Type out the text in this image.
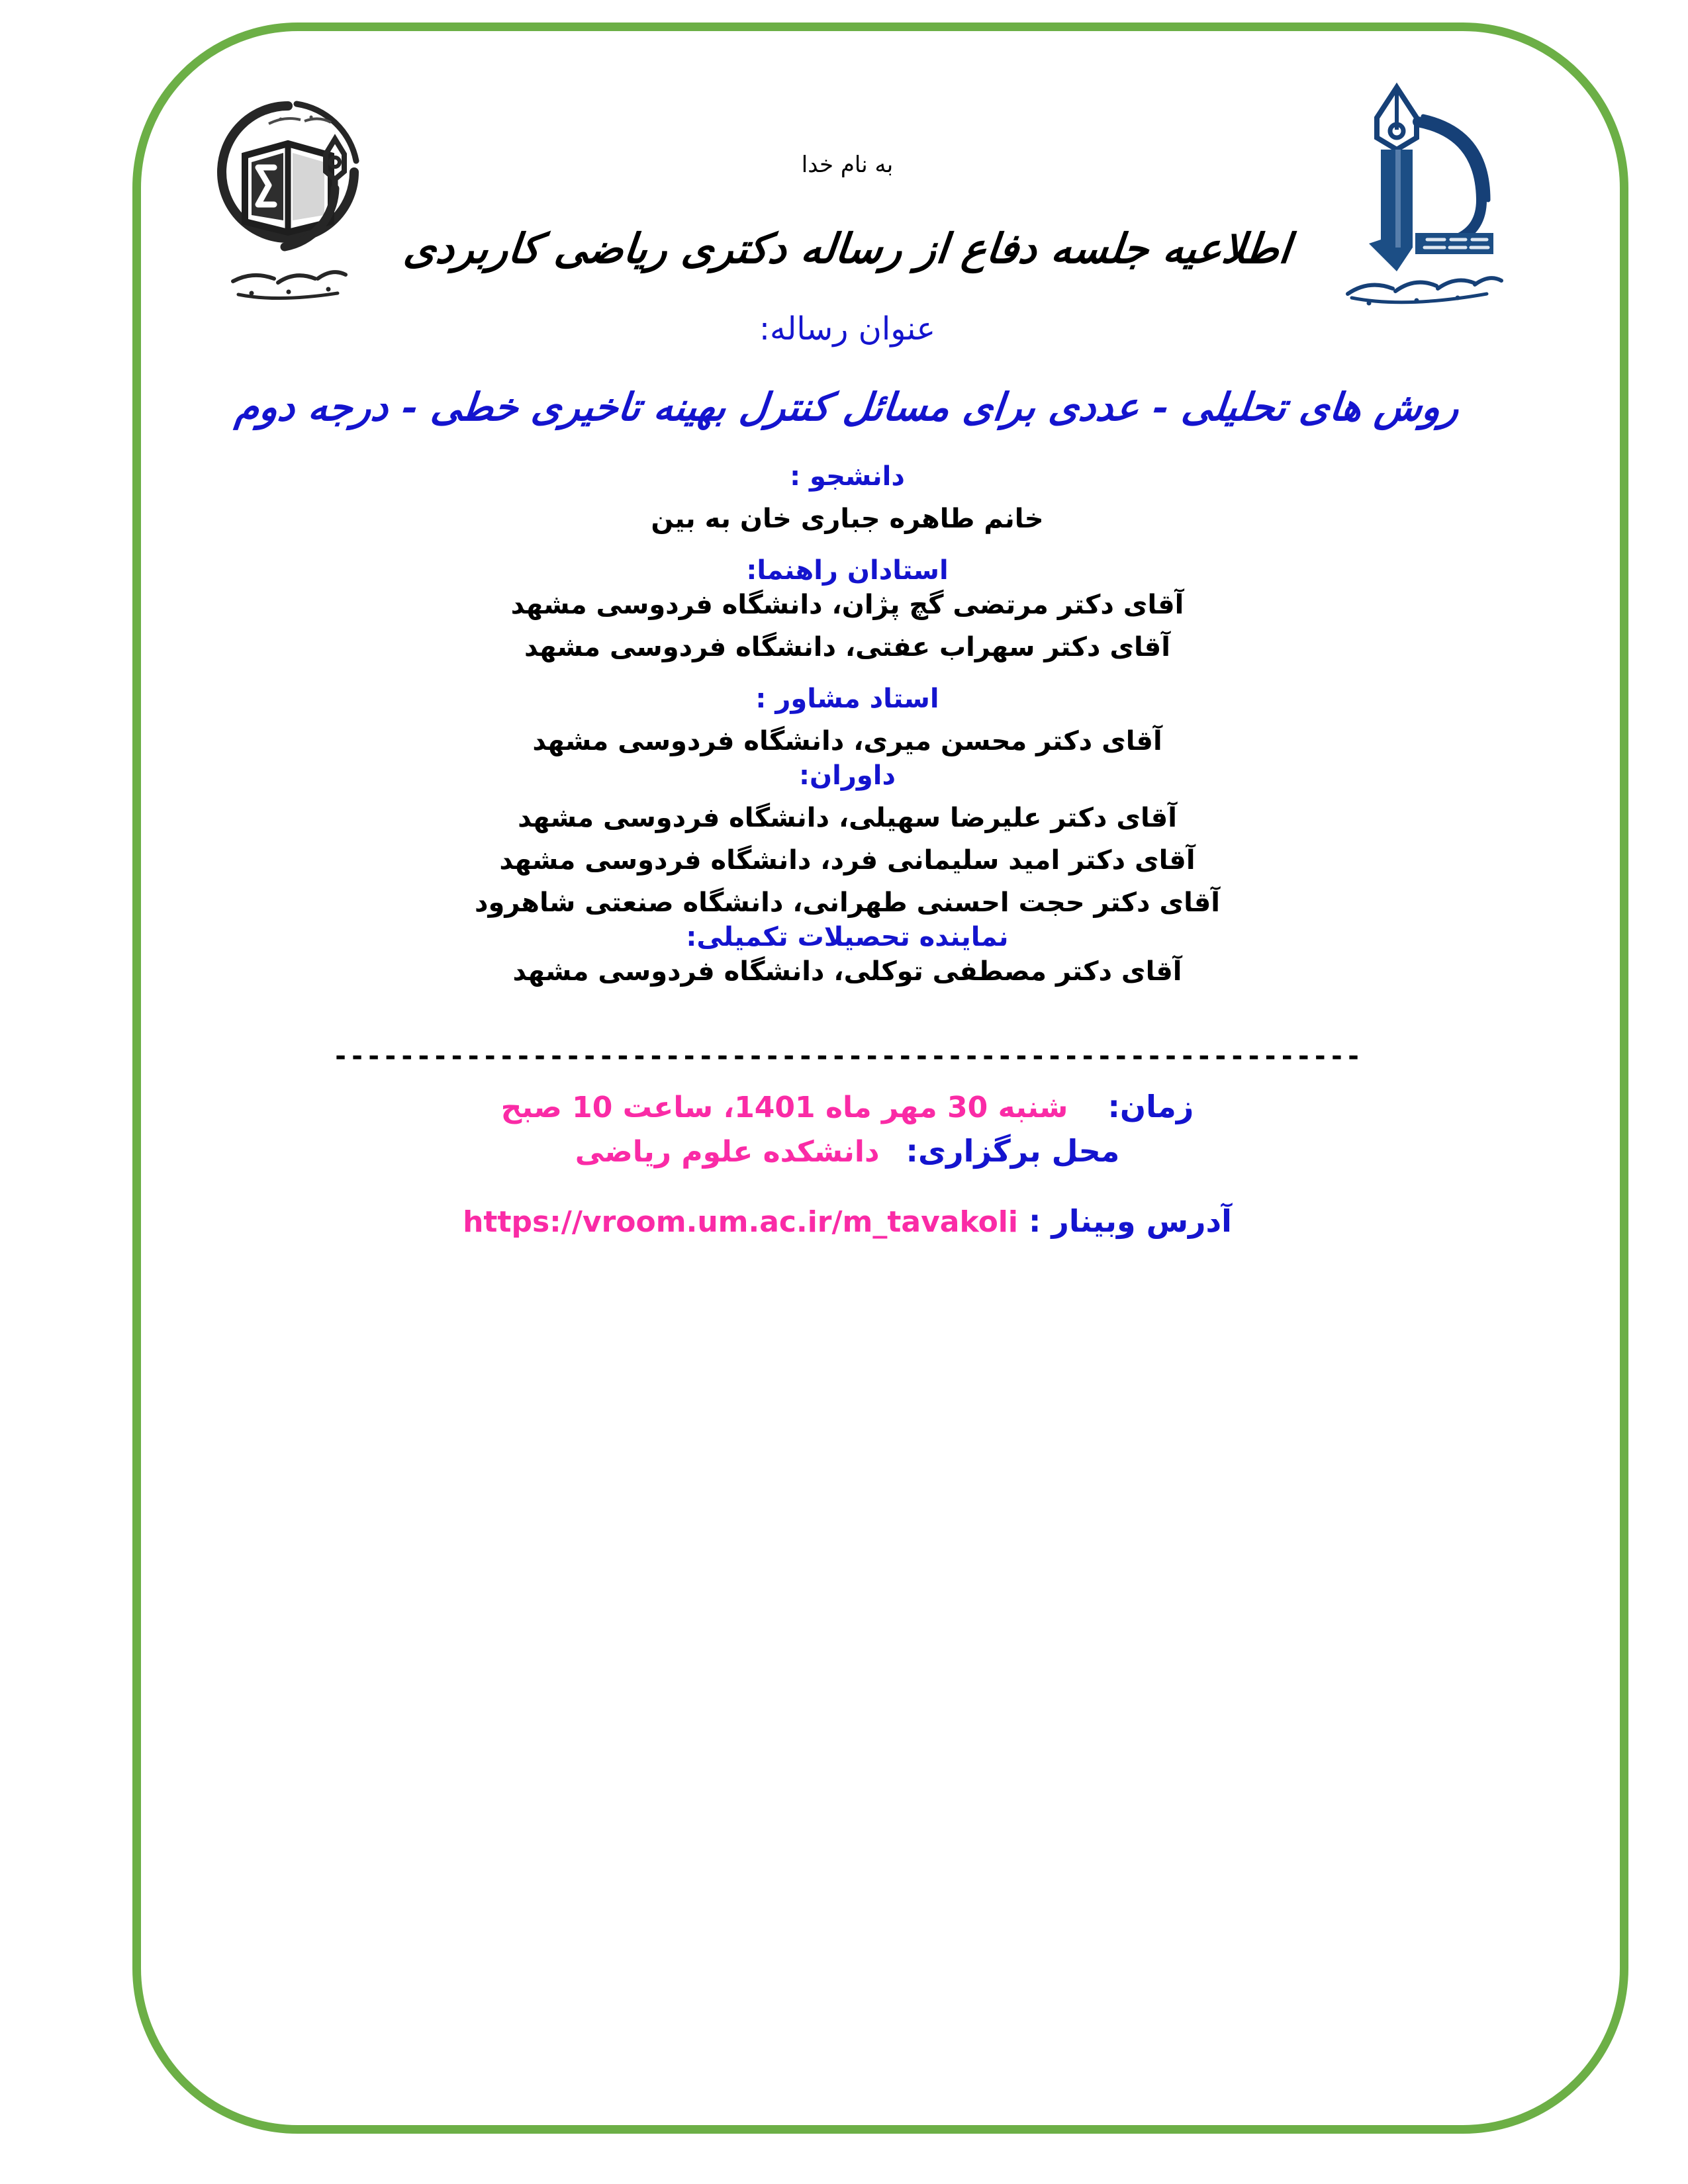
به نام خدا
اطلاعیه جلسه دفاع از رساله دکتری ریاضی کاربردی
عنوان رساله:
روش های تحلیلی - عددی برای مسائل کنترل بهینه تاخیری خطی - درجه دوم
دانشجو :
خانم طاهره جباری خان به بین
استادان راهنما:
آقای دکتر مرتضی گچ پژان، دانشگاه فردوسی مشهد
آقای دکتر سهراب عفتی، دانشگاه فردوسی مشهد
استاد مشاور :
آقای دکتر محسن میری، دانشگاه فردوسی مشهد
داوران:
آقای دکتر علیرضا سهیلی، دانشگاه فردوسی مشهد
آقای دکتر امید سلیمانی فرد، دانشگاه فردوسی مشهد
آقای دکتر حجت احسنی طهرانی، دانشگاه صنعتی شاهرود
نماینده تحصیلات تکمیلی:
آقای دکتر مصطفی توکلی، دانشگاه فردوسی مشهد
--------------------------------------------------------------
زمان:
شنبه 30 مهر ماه 1401، ساعت 10 صبح
محل برگزاری:
دانشکده علوم ریاضی
آدرس وبینار :
https://vroom.um.ac.ir/m_tavakoli
